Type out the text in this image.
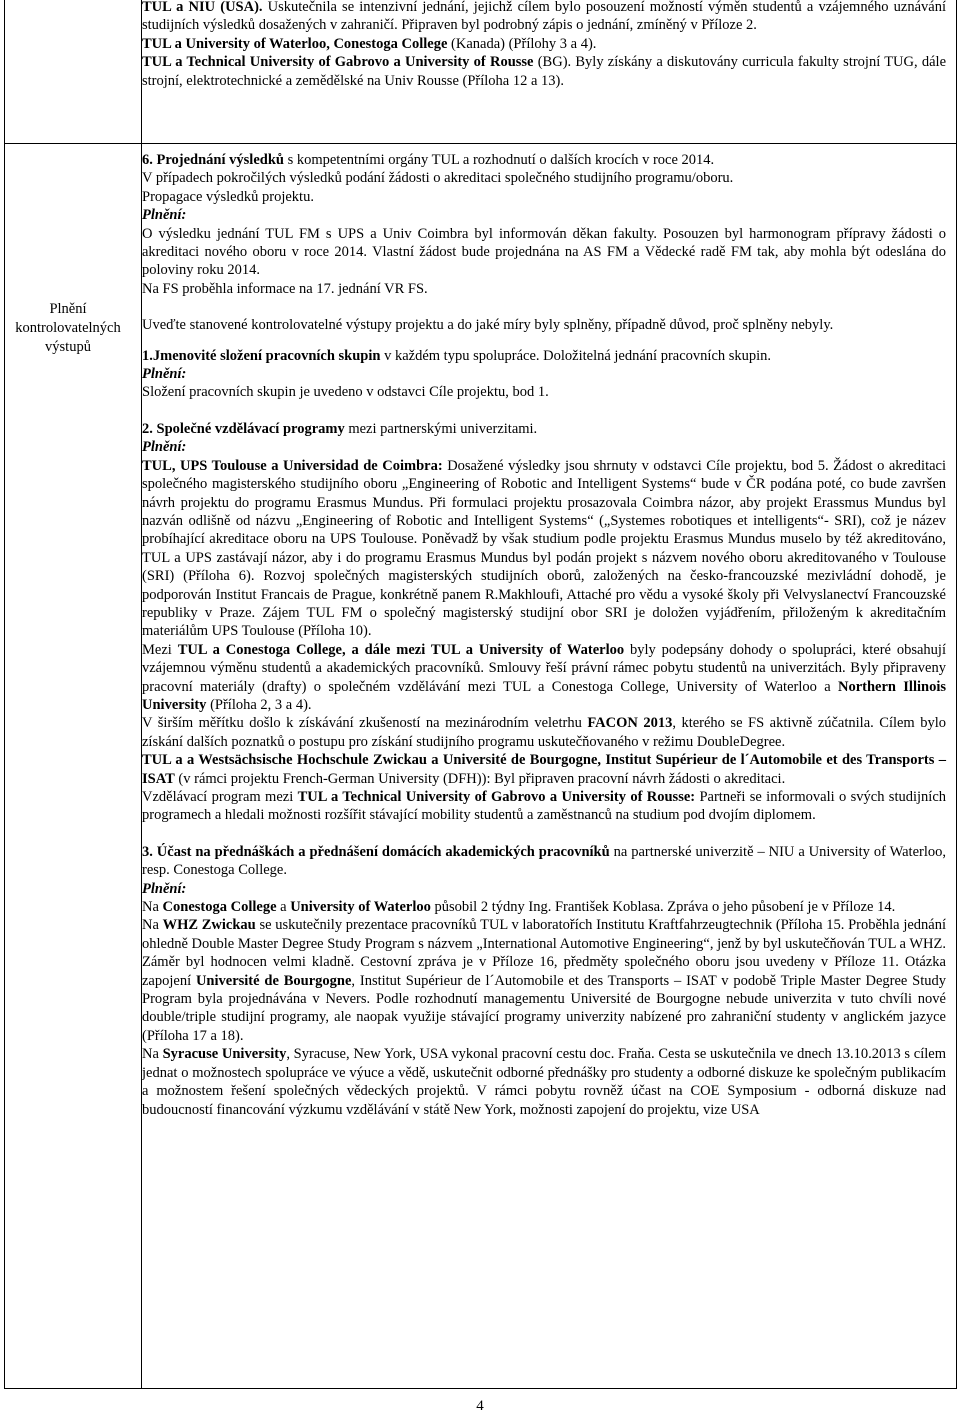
TUL a NIU (USA). Uskutečnila se intenzivní jednání, jejichž cílem bylo posouzení možností výměn studentů a vzájemného uznávání studijních výsledků dosažených v zahraničí. Připraven byl podrobný zápis o jednání, zmíněný v Příloze 2.

TUL a University of Waterloo, Conestoga College (Kanada) (Přílohy 3 a 4).

TUL a Technical University of Gabrovo a University of Rousse (BG). Byly získány a diskutovány curricula fakulty strojní TUG, dále strojní, elektrotechnické a zemědělské na Univ Rousse (Příloha 12 a 13).

Plnění kontrolovatelných výstupů

6. Projednání výsledků s kompetentními orgány TUL a rozhodnutí o dalších krocích v roce 2014.

V případech pokročilých výsledků podání žádosti o akreditaci společného studijního programu/oboru.

Propagace výsledků projektu.

Plnění:

O výsledku jednání TUL FM s UPS a Univ Coimbra byl informován děkan fakulty. Posouzen byl harmonogram přípravy žádosti o akreditaci nového oboru v roce 2014. Vlastní žádost bude projednána na AS FM a Vědecké radě FM tak, aby mohla být odeslána do poloviny roku 2014.

Na FS proběhla informace na 17. jednání VR FS.

Uveďte stanovené kontrolovatelné výstupy projektu a do jaké míry byly splněny, případně důvod, proč splněny nebyly.

1.Jmenovité složení pracovních skupin v každém typu spolupráce. Doložitelná jednání pracovních skupin.

Plnění:

Složení pracovních skupin je uvedeno v odstavci Cíle projektu, bod 1.

2. Společné vzdělávací programy mezi partnerskými univerzitami.

Plnění:

TUL, UPS Toulouse a Universidad de Coimbra: Dosažené výsledky jsou shrnuty v odstavci Cíle projektu, bod 5. Žádost o akreditaci společného magisterského studijního oboru „Engineering of Robotic and Intelligent Systems“ bude v ČR podána poté, co bude završen návrh projektu do programu Erasmus Mundus. Při formulaci projektu prosazovala Coimbra názor, aby projekt Erassmus Mundus byl nazván odlišně od názvu „Engineering of Robotic and Intelligent Systems“ („Systemes robotiques et intelligents“- SRI), což je název probíhající akreditace oboru na UPS Toulouse. Poněvadž by však studium podle projektu Erasmus Mundus muselo by též akreditováno, TUL a UPS zastávají názor, aby i do programu Erasmus Mundus byl podán projekt s názvem nového oboru akreditovaného v Toulouse (SRI) (Příloha 6). Rozvoj společných magisterských studijních oborů, založených na česko-francouzské mezivládní dohodě, je podporován Institut Francais de Prague, konkrétně panem R.Makhloufi, Attaché pro vědu a vysoké školy při Velvyslanectví Francouzské republiky v Praze. Zájem TUL FM o společný magisterský studijní obor SRI je doložen vyjádřením, přiloženým k akreditačním materiálům UPS Toulouse (Příloha 10).

Mezi TUL a Conestoga College, a dále mezi TUL a University of Waterloo byly podepsány dohody o spolupráci, které obsahují vzájemnou výměnu studentů a akademických pracovníků. Smlouvy řeší právní rámec pobytu studentů na univerzitách. Byly připraveny pracovní materiály (drafty) o společném vzdělávání mezi TUL a Conestoga College, University of Waterloo a Northern Illinois University (Příloha 2, 3 a 4).

V širším měřítku došlo k získávání zkušeností na mezinárodním veletrhu FACON 2013, kterého se FS aktivně zúčatnila. Cílem bylo získání dalších poznatků o postupu pro získání studijního programu uskutečňovaného v režimu DoubleDegree.

TUL a a Westsächsische Hochschule Zwickau a Université de Bourgogne, Institut Supérieur de l´Automobile et des Transports – ISAT (v rámci projektu French-German University (DFH)): Byl připraven pracovní návrh žádosti o akreditaci.

Vzdělávací program mezi TUL a Technical University of Gabrovo a University of Rousse: Partneři se informovali o svých studijních programech a hledali možnosti rozšířit stávající mobility studentů a zaměstnanců na studium pod dvojím diplomem.

3. Účast na přednáškách a přednášení domácích akademických pracovníků na partnerské univerzitě – NIU a University of Waterloo, resp. Conestoga College.

Plnění:

Na Conestoga College a University of Waterloo působil 2 týdny Ing. František Koblasa. Zpráva o jeho působení je v Příloze 14.

Na WHZ Zwickau se uskutečnily prezentace pracovníků TUL v laboratořích Institutu Kraftfahrzeugtechnik (Příloha 15. Proběhla jednání ohledně Double Master Degree Study Program s názvem „International Automotive Engineering“, jenž by byl uskutečňován TUL a WHZ. Záměr byl hodnocen velmi kladně. Cestovní zpráva je v Příloze 16, předměty společného oboru jsou uvedeny v Příloze 11. Otázka zapojení Université de Bourgogne, Institut Supérieur de l´Automobile et des Transports – ISAT v podobě Triple Master Degree Study Program byla projednávána v Nevers. Podle rozhodnutí managementu Université de Bourgogne nebude univerzita v tuto chvíli nové double/triple studijní programy, ale naopak využije stávající programy univerzity nabízené pro zahraniční studenty v anglickém jazyce (Příloha 17 a 18).

Na Syracuse University, Syracuse, New York, USA vykonal pracovní cestu doc. Fraňa. Cesta se uskutečnila ve dnech 13.10.2013 s cílem jednat o možnostech spolupráce ve výuce a vědě, uskutečnit odborné přednášky pro studenty a odborné diskuze ke společným publikacím a možnostem řešení společných vědeckých projektů. V rámci pobytu rovněž účast na COE Symposium - odborná diskuze nad budoucností financování výzkumu vzdělávání v státě New York, možnosti zapojení do projektu, vize USA

4
